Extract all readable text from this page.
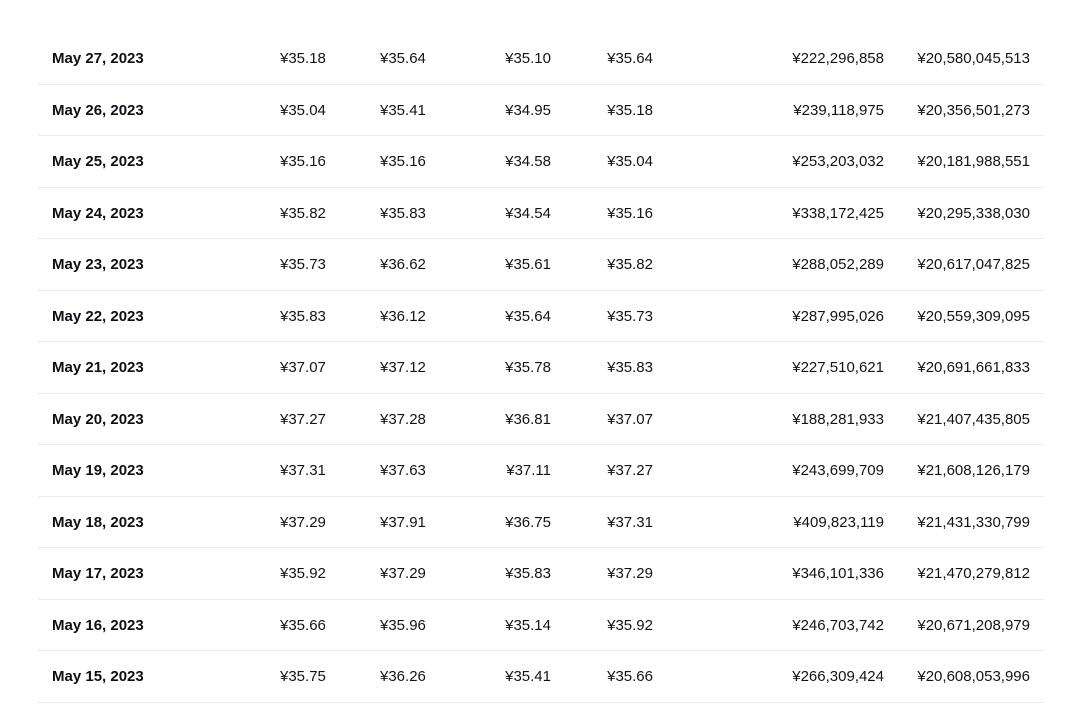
May 27, 2023	¥35.18	¥35.64	¥35.10	¥35.64	¥222,296,858 ¥20,580,045,513
May 26, 2023	¥35.04	¥35.41	¥34.95	¥35.18	¥239,118,975 ¥20,356,501,273
May 25, 2023	¥35.16	¥35.16	¥34.58	¥35.04	¥253,203,032 ¥20,181,988,551
May 24, 2023	¥35.82	¥35.83	¥34.54	¥35.16	¥338,172,425 ¥20,295,338,030
May 23, 2023	¥35.73	¥36.62	¥35.61	¥35.82	¥288,052,289 ¥20,617,047,825
May 22, 2023	¥35.83	¥36.12	¥35.64	¥35.73	¥287,995,026 ¥20,559,309,095
May 21, 2023	¥37.07	¥37.12	¥35.78	¥35.83	¥227,510,621 ¥20,691,661,833
May 20, 2023	¥37.27	¥37.28	¥36.81	¥37.07	¥188,281,933 ¥21,407,435,805
May 19, 2023	¥37.31	¥37.63	¥37.11	¥37.27	¥243,699,709 ¥21,608,126,179
May 18, 2023	¥37.29	¥37.91	¥36.75	¥37.31	¥409,823,119 ¥21,431,330,799
May 17, 2023	¥35.92	¥37.29	¥35.83	¥37.29	¥346,101,336 ¥21,470,279,812
May 16, 2023	¥35.66	¥35.96	¥35.14	¥35.92	¥246,703,742 ¥20,671,208,979
May 15, 2023	¥35.75	¥36.26	¥35.41	¥35.66	¥266,309,424 ¥20,608,053,996
